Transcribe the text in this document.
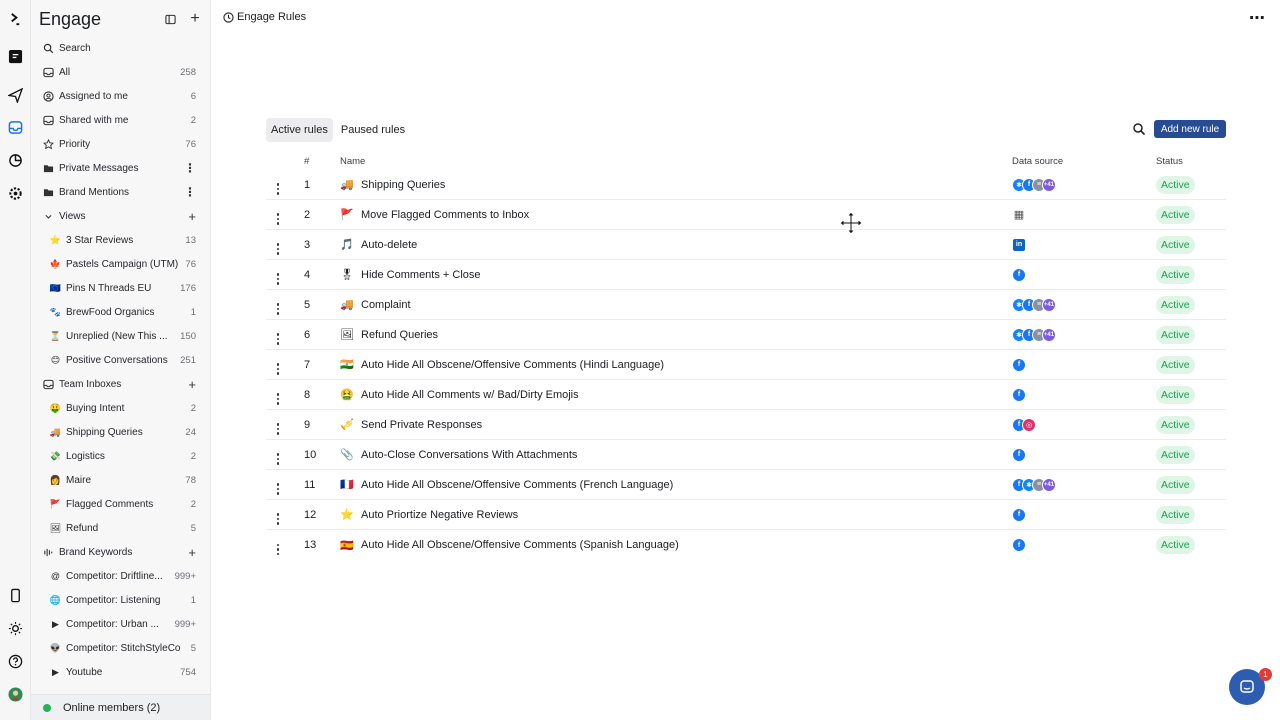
Engage	+
Search
All	258
Assigned to me	6
Shared with me	2
Priority	76
Private Messages	⋮
Brand Mentions	⋮
Views	+
⭐ 3 Star Reviews	13
🍁 Pastels Campaign (UTM) 76
🇪🇺 Pins N Threads EU	176
🐾 BrewFood Organics	1
⏳ Unreplied (New This ...	150
😊 Positive Conversations	251
Team Inboxes	+
🤑 Buying Intent	2
🚚 Shipping Queries	24
💸 Logistics	2
👩 Maire	78
🚩 Flagged Comments	2
🖼 Refund	5
Brand Keywords	+
@ Competitor: Driftline...	999+
🌐 Competitor: Listening	1
▶ Competitor: Urban ...	999+
👽 Competitor: StitchStyleCo	5
▶ Youtube	754
Online members (2)
Engage Rules	⋯
Active rules	Paused rules	Add new rule
#	Name	Data source	Status
1	🚚 Shipping Queries	✱ f ≡ +41	Active
2	🚩 Move Flagged Comments to Inbox	▦	Active
3	🎵 Auto-delete	in	Active
4	🎖 Hide Comments + Close	f	Active
5	🚚 Complaint	✱ f ≡ +41	Active
6	🖼 Refund Queries	✱ f ≡ +41	Active
7	🇮🇳 Auto Hide All Obscene/Offensive Comments (Hindi Language)	f	Active
8	🤮 Auto Hide All Comments w/ Bad/Dirty Emojis	f	Active
9	🎺 Send Private Responses	f ◎	Active
10	📎 Auto-Close Conversations With Attachments	f	Active
11	🇫🇷 Auto Hide All Obscene/Offensive Comments (French Language)	f ✱ ≡ +41	Active
12	⭐ Auto Priortize Negative Reviews	f	Active
13	🇪🇸 Auto Hide All Obscene/Offensive Comments (Spanish Language)	f	Active
1
